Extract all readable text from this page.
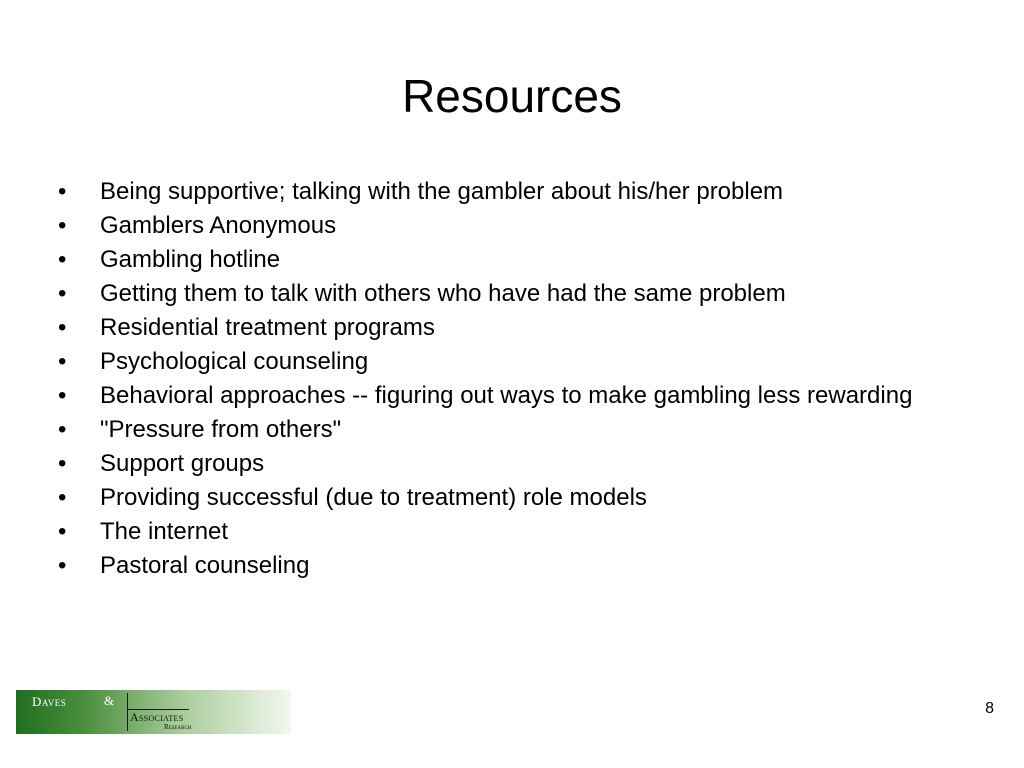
Resources
•	Being supportive; talking with the gambler about his/her problem
•	Gamblers Anonymous
•	Gambling hotline
•	Getting them to talk with others who have had the same problem
•	Residential treatment programs
•	Psychological counseling
•	Behavioral approaches -- figuring out ways to make gambling less rewarding
•	"Pressure from others"
•	Support groups
•	Providing successful (due to treatment) role models
•	The internet
•	Pastoral counseling
Daves	&
Associates
Research
8
